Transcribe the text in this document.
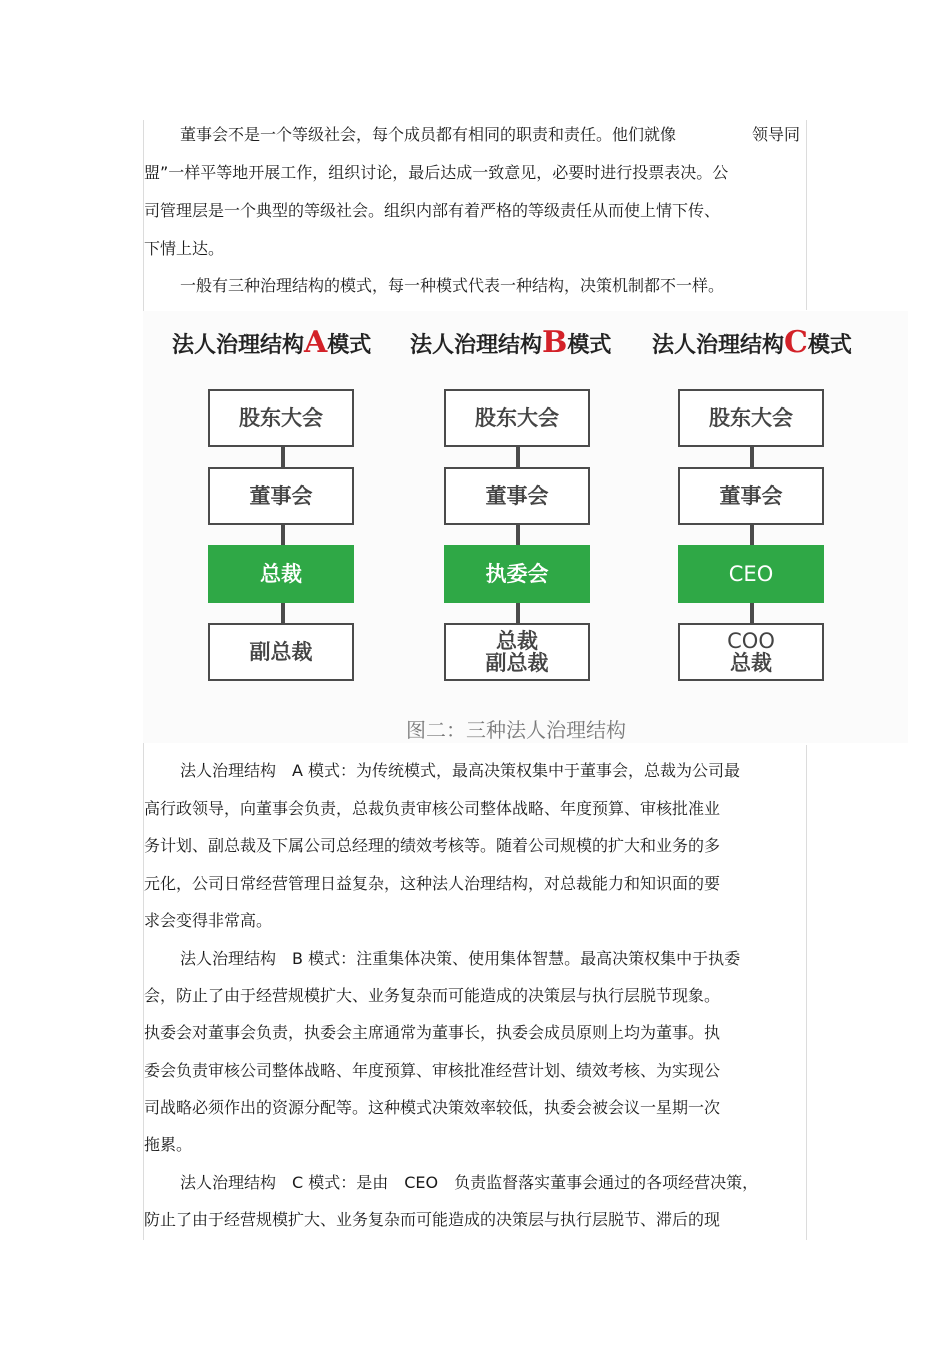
董事会不是一个等级社会，每个成员都有相同的职责和责任。他们就像	领导同

盟”一样平等地开展工作，组织讨论，最后达成一致意见，必要时进行投票表决。公

司管理层是一个典型的等级社会。组织内部有着严格的等级责任从而使上情下传、

下情上达。

一般有三种治理结构的模式，每一种模式代表一种结构，决策机制都不一样。

法人治理结构A模式 法人治理结构B模式 法人治理结构C模式
股东大会
董事会
总裁
副总裁
股东大会
董事会
执委会
总裁
副总裁
股东大会
董事会
CEO
COO
总裁
图二：三种法人治理结构

法人治理结构　A 模式：为传统模式，最高决策权集中于董事会，总裁为公司最

高行政领导，向董事会负责，总裁负责审核公司整体战略、年度预算、审核批准业

务计划、副总裁及下属公司总经理的绩效考核等。随着公司规模的扩大和业务的多

元化，公司日常经营管理日益复杂，这种法人治理结构，对总裁能力和知识面的要

求会变得非常高。

法人治理结构　B 模式：注重集体决策、使用集体智慧。最高决策权集中于执委

会，防止了由于经营规模扩大、业务复杂而可能造成的决策层与执行层脱节现象。

执委会对董事会负责，执委会主席通常为董事长，执委会成员原则上均为董事。执

委会负责审核公司整体战略、年度预算、审核批准经营计划、绩效考核、为实现公

司战略必须作出的资源分配等。这种模式决策效率较低，执委会被会议一星期一次

拖累。

法人治理结构　C 模式：是由　CEO　负责监督落实董事会通过的各项经营决策，

防止了由于经营规模扩大、业务复杂而可能造成的决策层与执行层脱节、滞后的现
